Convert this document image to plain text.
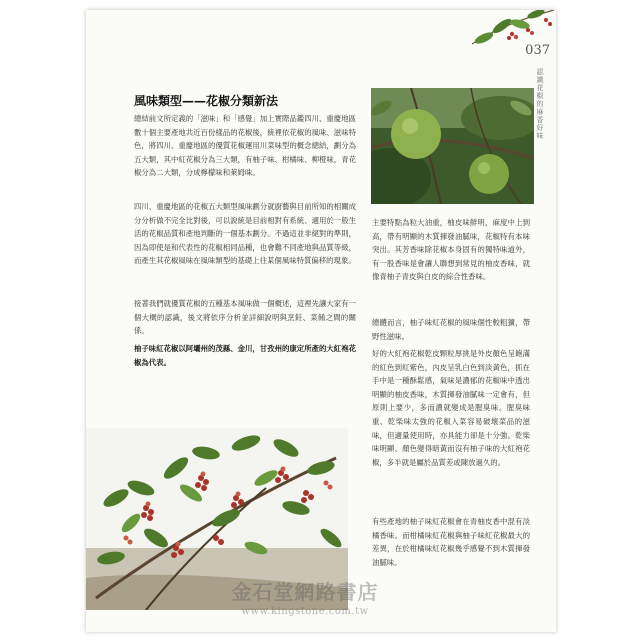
037
認識花椒的麻香好味
風味類型——花椒分類新法

總結前文所定義的「滋味」和「感覺」加上實際品鑑四川、重慶地區數十個主要產地共近百份樣品的花椒後，統裡依花椒的風味、滋味特色，將四川、重慶地區的優質花椒運用川菜味型的概念總結，劃分為五大類，其中紅花椒分為三大類，有柚子味、柑橘味、柳橙味，青花椒分為二大類，分成檸檬味和萊姆味。

四川、重慶地區的花椒五大類型風味劃分就廚藝與目前所知的相關成分分析做不完全比對後，可以說統是目前相對有系統、適用於一般生活的花椒品質和產地判斷的一個基本劃分。不過這並非絕對的準則，因為即使是和代表性的花椒相同品種，也會難不同產地與品質等級，而產生其花椒風味在風味類型的基礎上往某個風味特質偏移的現象。

接著我們就優質花椒的五種基本風味做一個概述，這裡先讓大家有一個大概的認識，後文將依序分析並詳細說明與烹飪、菜餚之間的關係。

柚子味紅花椒以阿壩州的茂縣、金川，甘孜州的康定所產的大紅袍花椒為代表。

主要特點為粒大油重，柚皮味鮮明，麻度中上到高，帶有明顯的木質揮發油膩味，花椒特有本味突出。其芳香味除花椒本身固有的獨特味道外，有一股香味是會讓人聯想到常見的柚皮香味，就像青柚子青皮與白皮的綜合性香味。

總體而言，柚子味紅花椒的風味個性較粗獷，帶野性滋味。

好的大紅袍花椒乾皮顆粒厚挑是外皮顏色呈飽滿的紅色到紅紫色，內皮呈乳白色到淡黃色，抓在手中是一種酥鬆感，氣味是濃郁的花椒味中透出明顯的柚皮香味，木質揮發油膩味一定會有，但原則上要少，多而濃就變成是腥臭味。腥臭味重、乾柴味太強的花椒入菜容易破壞菜品的滋味，但適量使用時，亦具能力卻是十分強。乾柴味明顯、顏色變得暗黃而沒有柚子味的大紅袍花椒，多半就是屬於品質差或陳放過久的。

有些產地的柚子味紅花椒會在青柚皮香中混有淡橘香味。而柑橘味紅花椒與柚子味紅花椒最大的差異，在於柑橘味紅花椒幾乎感覺不到木質揮發油膩味。

金石堂網路書店
www.kingstone.com.tw
